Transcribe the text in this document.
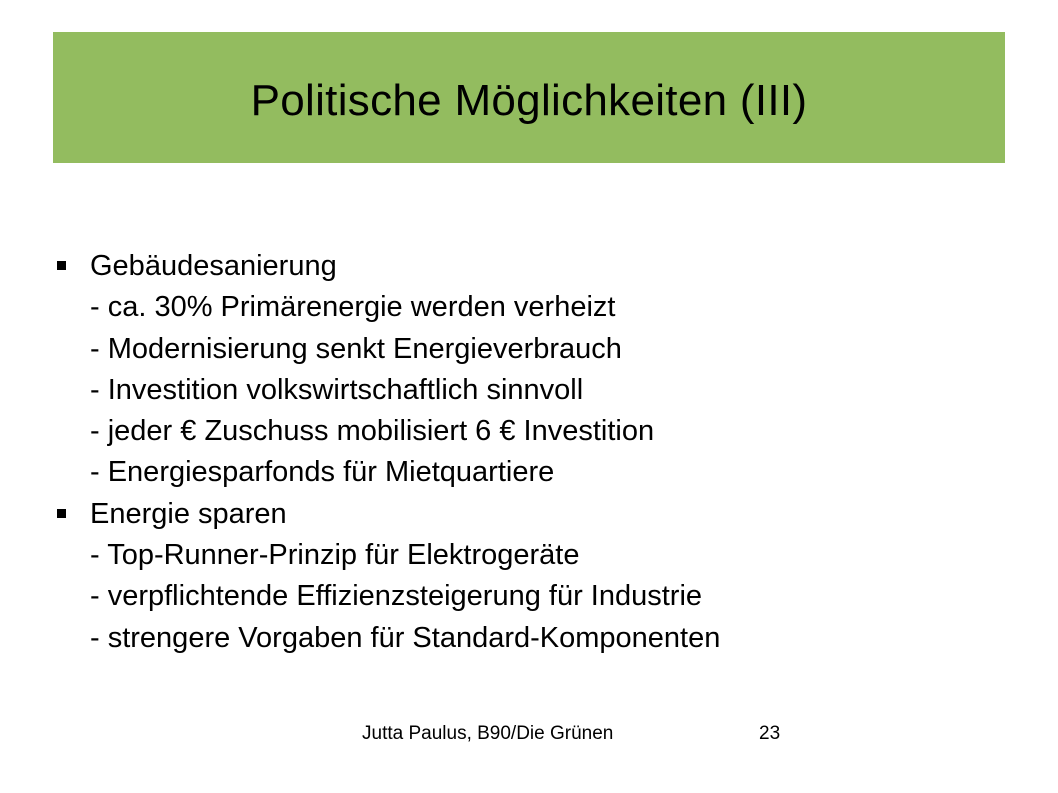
Politische Möglichkeiten (III)
Gebäudesanierung
- ca. 30% Primärenergie werden verheizt
- Modernisierung senkt Energieverbrauch
- Investition volkswirtschaftlich sinnvoll
- jeder € Zuschuss mobilisiert 6 € Investition
- Energiesparfonds für Mietquartiere
Energie sparen
- Top-Runner-Prinzip für Elektrogeräte
- verpflichtende Effizienzsteigerung für Industrie
- strengere Vorgaben für Standard-Komponenten
Jutta Paulus, B90/Die Grünen	23
